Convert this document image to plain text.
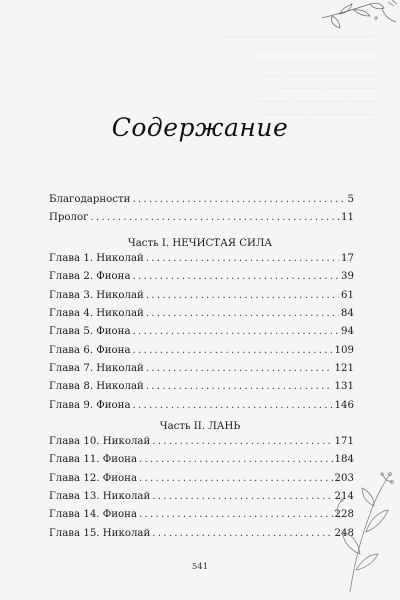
———————————————————
—————— —————————
————— ———— —————
——————— ———— ——
—————— ——————
——— ——————— ————
———————— ——————
Содержание
Благодарности . . .	5
Пролог . . .	11
Часть I. НЕЧИСТАЯ СИЛА
Глава 1. Николай . . .	17
Глава 2. Фиона . . .	39
Глава 3. Николай . . .	61
Глава 4. Николай . . .	84
Глава 5. Фиона . . .	94
Глава 6. Фиона . . .	109
Глава 7. Николай . . .	121
Глава 8. Николай . . .	131
Глава 9. Фиона . . .	146
Часть II. ЛАНЬ
Глава 10. Николай . . .	171
Глава 11. Фиона . . .	184
Глава 12. Фиона . . .	203
Глава 13. Николай . . .	214
Глава 14. Фиона . . .	228
Глава 15. Николай . . .	248
541
